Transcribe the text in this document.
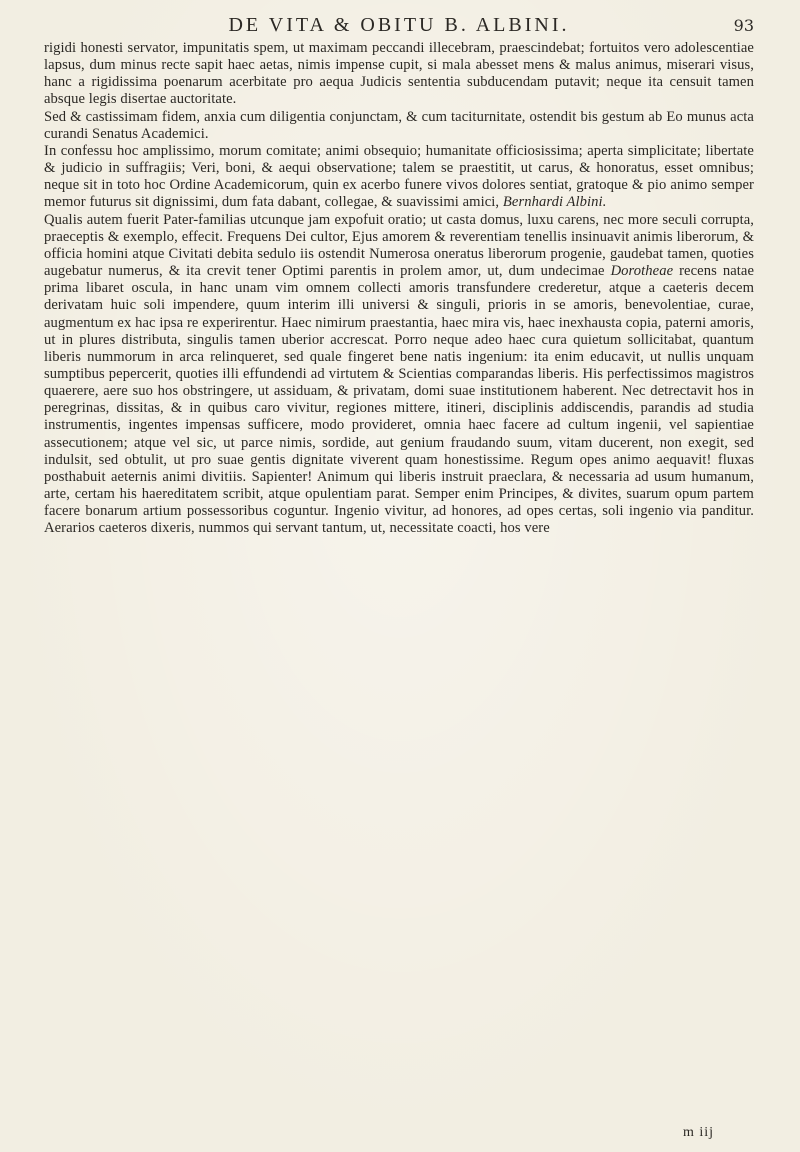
DE VITA & OBITU B. ALBINI.	93

rigidi honesti servator, impunitatis spem, ut maximam peccandi illecebram, praescindebat; fortuitos vero adolescentiae lapsus, dum minus recte sapit haec aetas, nimis impense cupit, si mala abesset mens & malus animus, miserari visus, hanc a rigidissima poenarum acerbitate pro aequa Judicis sententia subducendam putavit; neque ita censuit tamen absque legis disertae auctoritate.

Sed & castissimam fidem, anxia cum diligentia conjunctam, & cum taciturnitate, ostendit bis gestum ab Eo munus acta curandi Senatus Academici.

In confessu hoc amplissimo, morum comitate; animi obsequio; humanitate officiosissima; aperta simplicitate; libertate & judicio in suffragiis; Veri, boni, & aequi observatione; talem se praestitit, ut carus, & honoratus, esset omnibus; neque sit in toto hoc Ordine Academicorum, quin ex acerbo funere vivos dolores sentiat, gratoque & pio animo semper memor futurus sit dignissimi, dum fata dabant, collegae, & suavissimi amici, Bernhardi Albini.

Qualis autem fuerit Pater-familias utcunque jam expofuit oratio; ut casta domus, luxu carens, nec more seculi corrupta, praeceptis & exemplo, effecit. Frequens Dei cultor, Ejus amorem & reverentiam tenellis insinuavit animis liberorum, & officia homini atque Civitati debita sedulo iis ostendit Numerosa oneratus liberorum progenie, gaudebat tamen, quoties augebatur numerus, & ita crevit tener Optimi parentis in prolem amor, ut, dum undecimae Dorotheae recens natae prima libaret oscula, in hanc unam vim omnem collecti amoris transfundere crederetur, atque a caeteris decem derivatam huic soli impendere, quum interim illi universi & singuli, prioris in se amoris, benevolentiae, curae, augmentum ex hac ipsa re experirentur. Haec nimirum praestantia, haec mira vis, haec inexhausta copia, paterni amoris, ut in plures distributa, singulis tamen uberior accrescat. Porro neque adeo haec cura quietum sollicitabat, quantum liberis nummorum in arca relinqueret, sed quale fingeret bene natis ingenium: ita enim educavit, ut nullis unquam sumptibus pepercerit, quoties illi effundendi ad virtutem & Scientias comparandas liberis. His perfectissimos magistros quaerere, aere suo hos obstringere, ut assiduam, & privatam, domi suae institutionem haberent. Nec detrectavit hos in peregrinas, dissitas, & in quibus caro vivitur, regiones mittere, itineri, disciplinis addiscendis, parandis ad studia instrumentis, ingentes impensas sufficere, modo provideret, omnia haec facere ad cultum ingenii, vel sapientiae assecutionem; atque vel sic, ut parce nimis, sordide, aut genium fraudando suum, vitam ducerent, non exegit, sed indulsit, sed obtulit, ut pro suae gentis dignitate viverent quam honestissime. Regum opes animo aequavit! fluxas posthabuit aeternis animi divitiis. Sapienter! Animum qui liberis instruit praeclara, & necessaria ad usum humanum, arte, certam his haereditatem scribit, atque opulentiam parat. Semper enim Principes, & divites, suarum opum partem facere bonarum artium possessoribus coguntur. Ingenio vivitur, ad honores, ad opes certas, soli ingenio via panditur. Aerarios caeteros dixeris, nummos qui servant tantum, ut, necessitate coacti, hos vere

m iij
